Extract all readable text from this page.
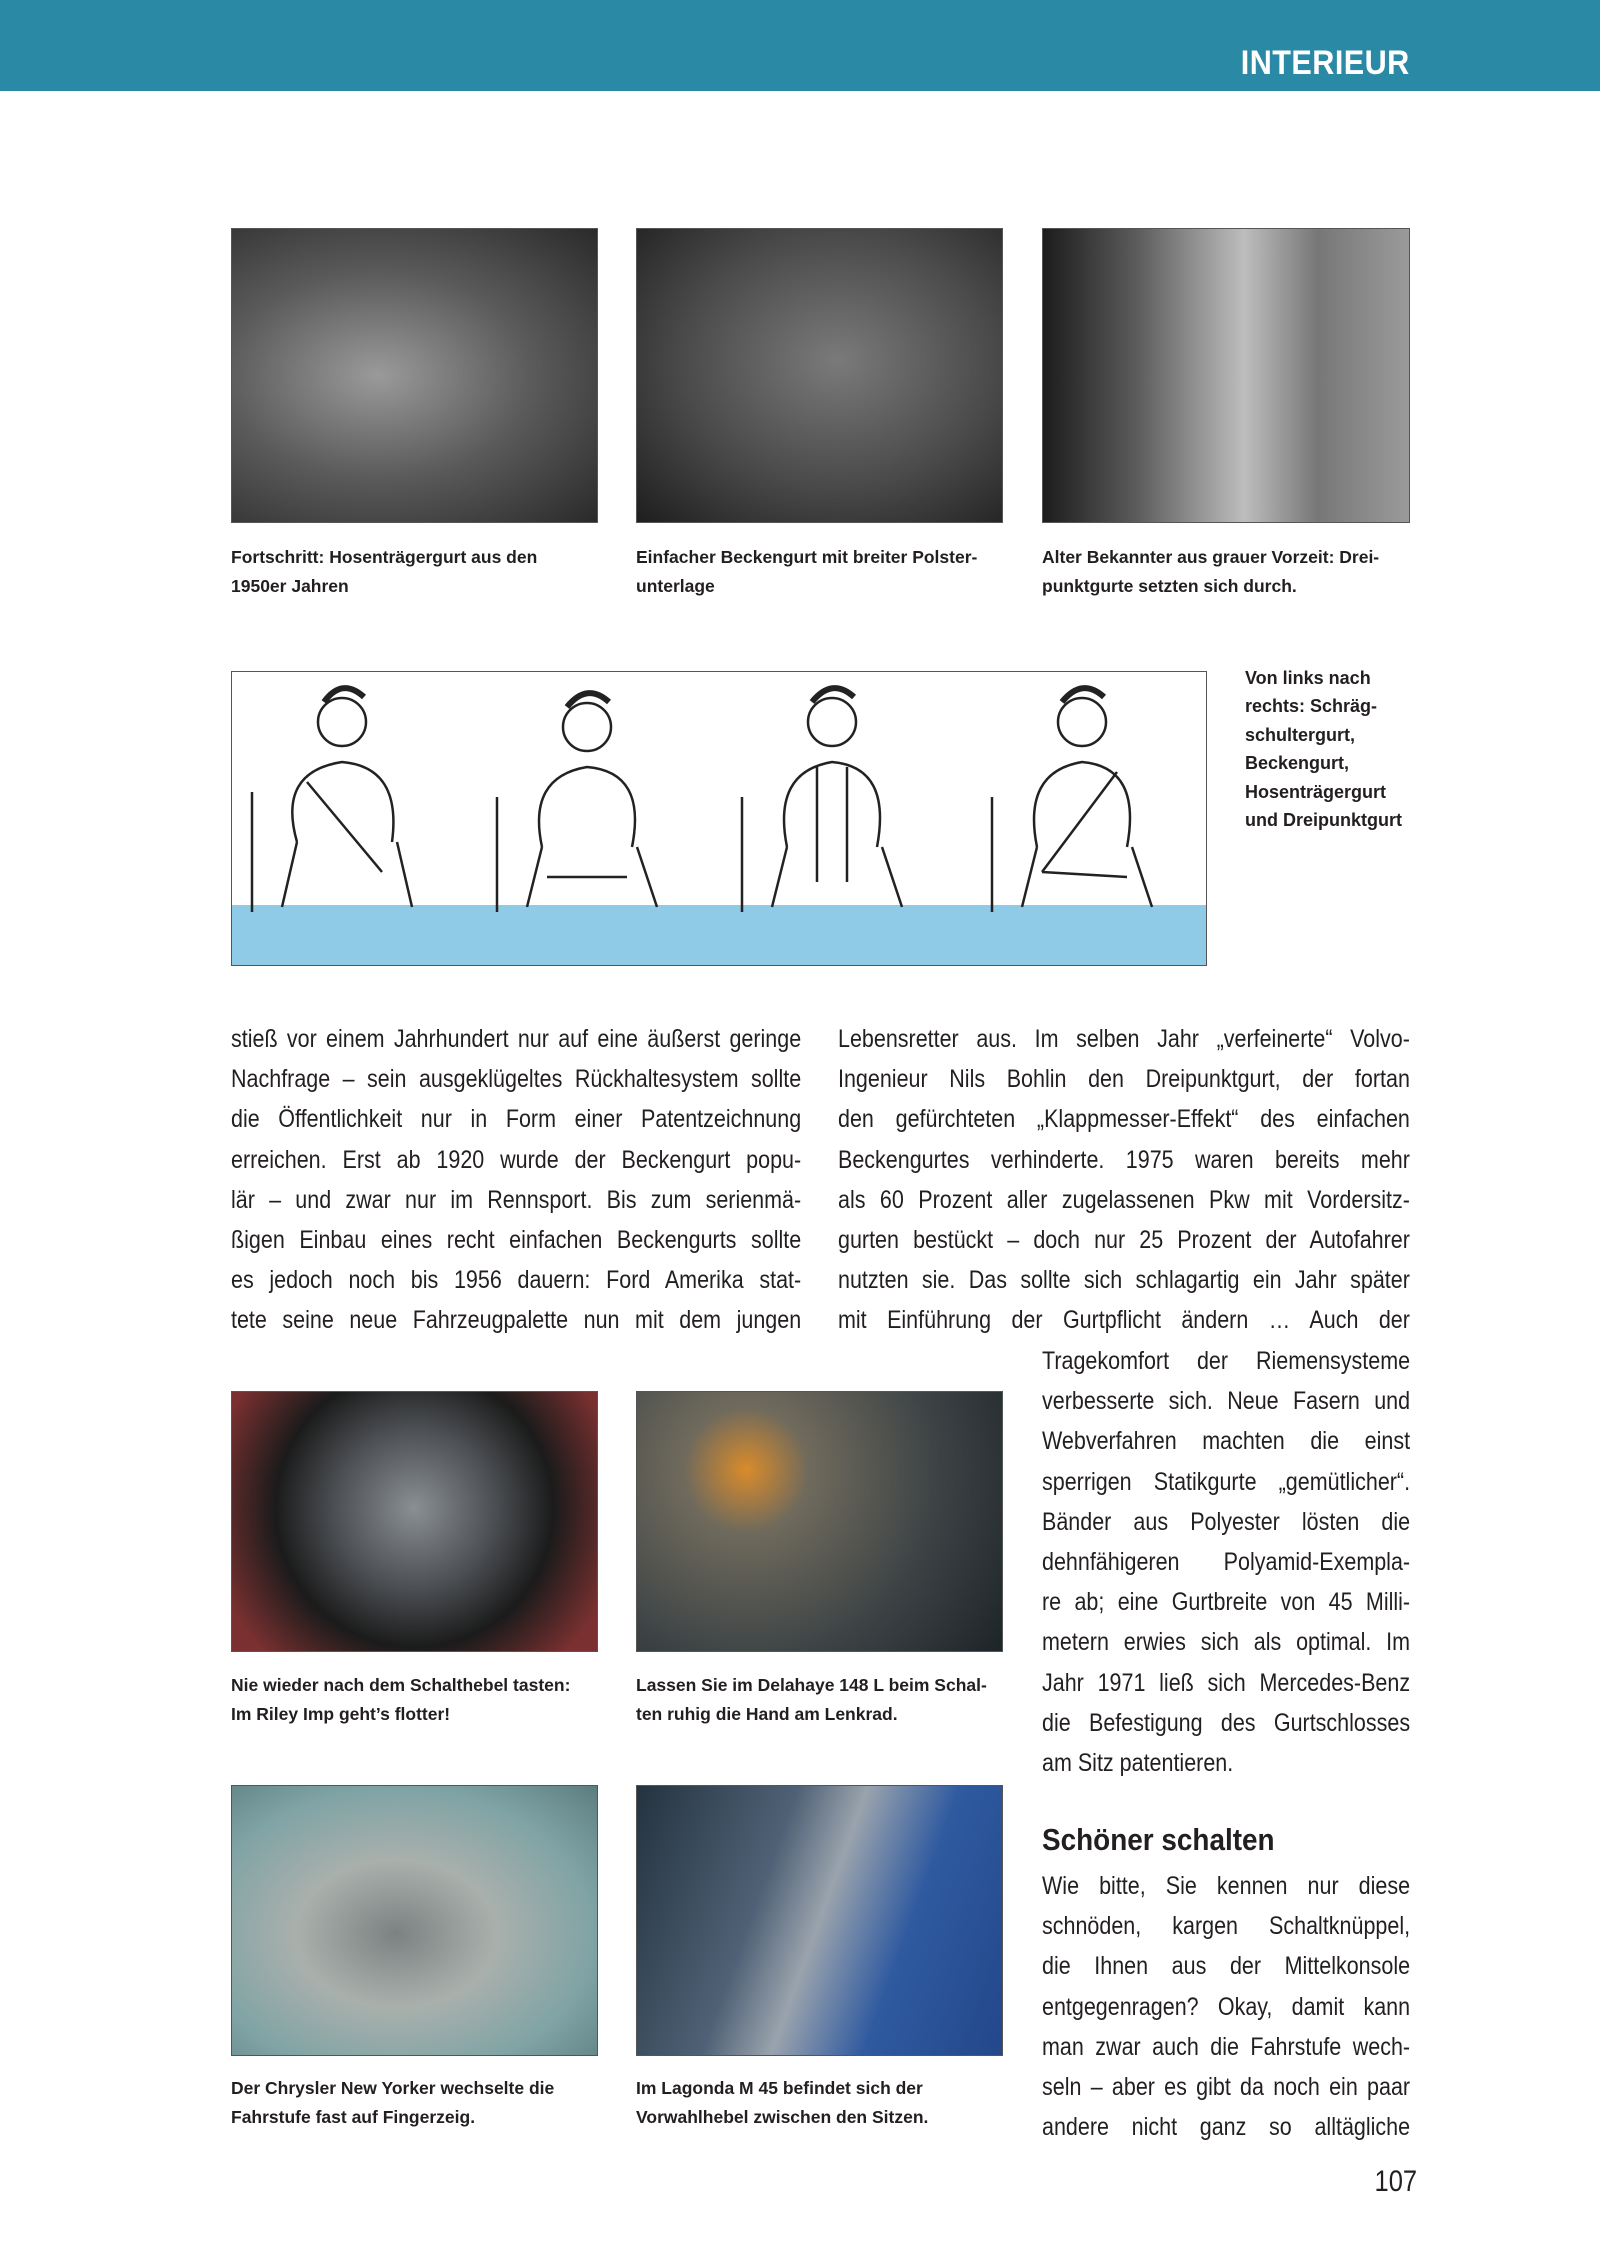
INTERIEUR
Fortschritt: Hosenträgergurt aus den
1950er Jahren
Einfacher Beckengurt mit breiter Polster-
unterlage
Alter Bekannter aus grauer Vorzeit: Drei-
punktgurte setzten sich durch.
Von links nach
rechts: Schräg-
schultergurt,
Beckengurt,
Hosenträgergurt
und Dreipunktgurt
stieß vor einem Jahrhundert nur auf eine äußerst geringe
Nachfrage – sein ausgeklügeltes Rückhaltesystem sollte
die Öffentlichkeit nur in Form einer Patentzeichnung
erreichen. Erst ab 1920 wurde der Beckengurt popu-
lär – und zwar nur im Rennsport. Bis zum serienmä-
ßigen Einbau eines recht einfachen Beckengurts sollte
es jedoch noch bis 1956 dauern: Ford Amerika stat-
tete seine neue Fahrzeugpalette nun mit dem jungen
Lebensretter aus. Im selben Jahr „verfeinerte“ Volvo-
Ingenieur Nils Bohlin den Dreipunktgurt, der fortan
den gefürchteten „Klappmesser-Effekt“ des einfachen
Beckengurtes verhinderte. 1975 waren bereits mehr
als 60 Prozent aller zugelassenen Pkw mit Vordersitz-
gurten bestückt – doch nur 25 Prozent der Autofahrer
nutzten sie. Das sollte sich schlagartig ein Jahr später
mit Einführung der Gurtpflicht ändern … Auch der
Tragekomfort der Riemensysteme
verbesserte sich. Neue Fasern und
Webverfahren machten die einst
sperrigen Statikgurte „gemütlicher“.
Bänder aus Polyester lösten die
dehnfähigeren Polyamid-Exempla-
re ab; eine Gurtbreite von 45 Milli-
metern erwies sich als optimal. Im
Jahr 1971 ließ sich Mercedes-Benz
die Befestigung des Gurtschlosses
am Sitz patentieren.
Schöner schalten
Wie bitte, Sie kennen nur diese
schnöden, kargen Schaltknüppel,
die Ihnen aus der Mittelkonsole
entgegenragen? Okay, damit kann
man zwar auch die Fahrstufe wech-
seln – aber es gibt da noch ein paar
andere nicht ganz so alltägliche
Nie wieder nach dem Schalthebel tasten:
Im Riley Imp geht’s flotter!
Lassen Sie im Delahaye 148 L beim Schal-
ten ruhig die Hand am Lenkrad.
Der Chrysler New Yorker wechselte die
Fahrstufe fast auf Fingerzeig.
Im Lagonda M 45 befindet sich der
Vorwahlhebel zwischen den Sitzen.
107
